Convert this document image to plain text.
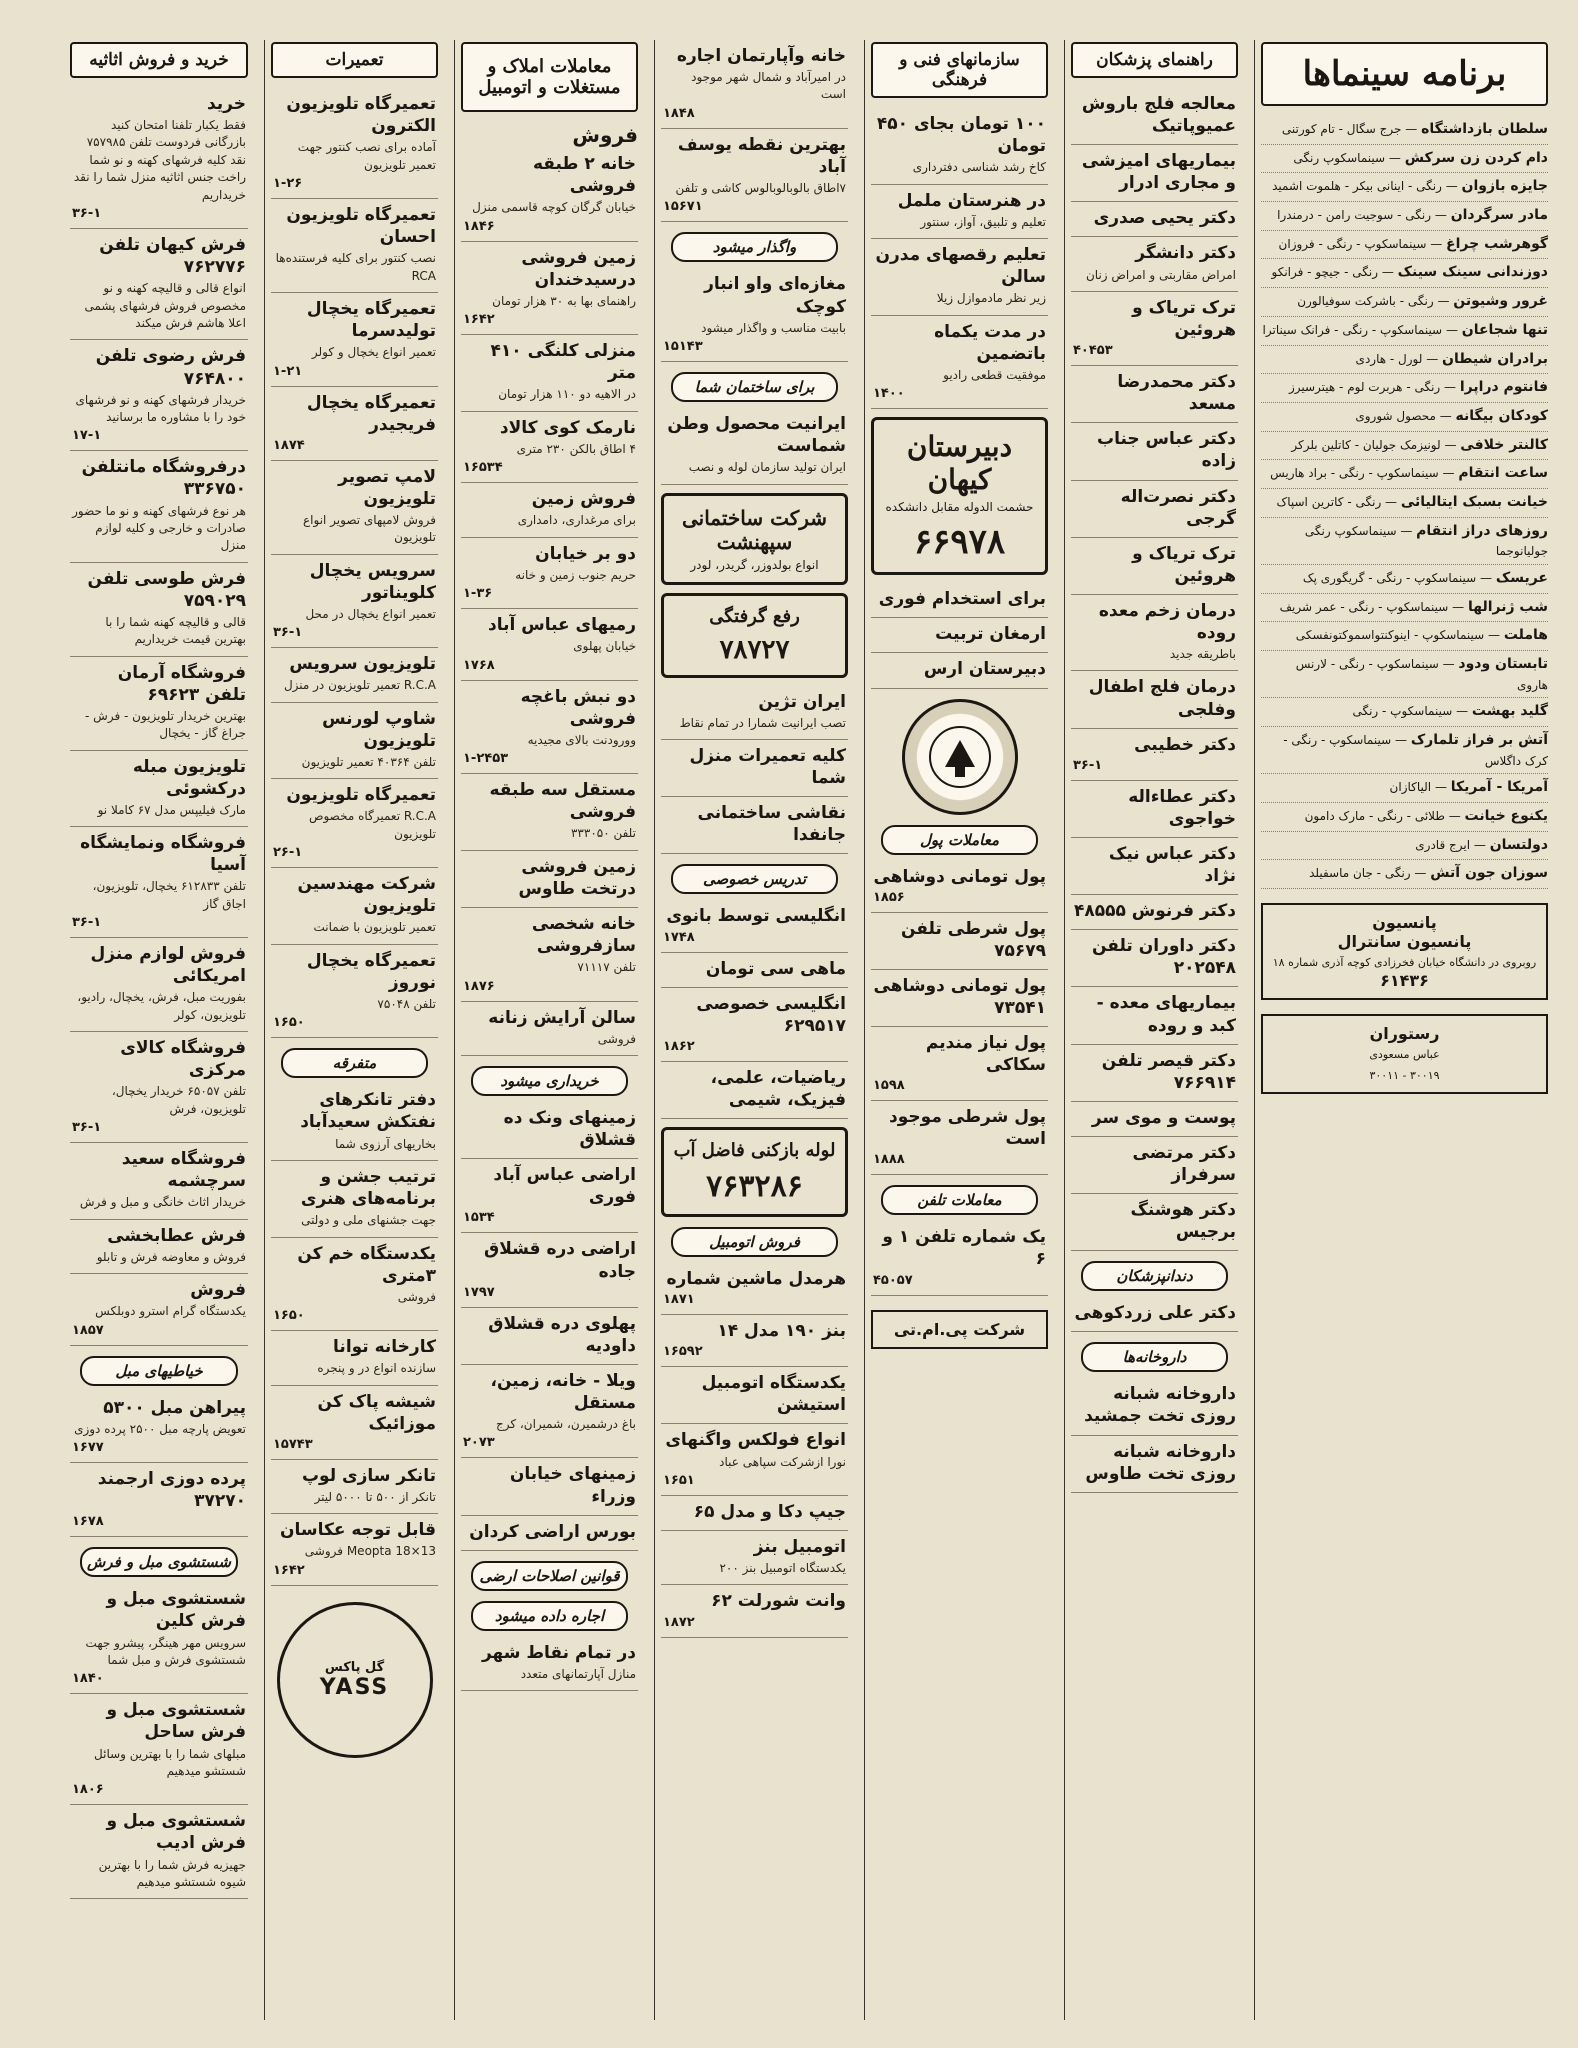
برنامه سینماها
سلطان بازداشتگاه — جرج سگال - تام کورتنی
دام کردن زن سرکش — سینماسکوپ رنگی
جایزه بازوان — رنگی - اینانی بیکر - هلموت اشمید
مادر سرگردان — رنگی - سوجیت رامن - درمندرا
گوهرشب چراغ — سینماسکوپ - رنگی - فروزان
دوزندانی سینک سینک — رنگی - جیچو - فرانکو
غرور وشیوتن — رنگی - باشرکت سوفیالورن
تنها شجاعان — سینماسکوپ - رنگی - فرانک سیناترا
برادران شیطان — لورل - هاردی
فانتوم دراپرا — رنگی - هربرت لوم - هیترسیرز
کودکان بیگانه — محصول شوروی
کالنتر خلافی — لونیزمک جولیان - کاتلین بلرکر
ساعت انتقام — سینماسکوپ - رنگی - براد هاریس
خیانت بسبک ایتالیائی — رنگی - کاترین اسپاک
روزهای دراز انتقام — سینماسکوپ رنگی جولیانوجما
عریسک — سینماسکوپ - رنگی - گریگوری پک
شب ژنرالها — سینماسکوپ - رنگی - عمر شریف
هاملت — سینماسکوپ - اینوکنتواسموکتونفسکی
تابستان ودود — سینماسکوپ - رنگی - لارنس هاروی
گلید بهشت — سینماسکوپ - رنگی
آتش بر فراز تلمارک — سینماسکوپ - رنگی - کرک داگلاس
آمریکا - آمریکا — الیاکازان
یکنوع خیانت — طلائی - رنگی - مارک دامون
دولتسان — ایرج قادری
سوزان جون آتش — رنگی - جان ماسفیلد
پانسیون
پانسیون سانترال
روبروی در دانشگاه خیابان فخرزادی کوچه آذری شماره ۱۸
۶۱۴۳۶
رستوران
عباس مسعودی
۳۰۰۱۹ - ۳۰۰۱۱
راهنمای پزشکان
معالجه فلج باروش عمیوپاتیک
بیماریهای امیزشی و مجاری ادرار
دکتر یحیی صدری
دکتر دانشگر
امراض مقاربتی و امراض زنان
ترک تریاک و هروئین
۴۰۴۵۳
دکتر محمدرضا مسعد
دکتر عباس جناب زاده
دکتر نصرت‌اله گرجی
ترک تریاک و هروئین
درمان زخم معده روده
باطریقه جدید
درمان فلج اطفال وفلجی
دکتر خطیبی
۳۶-۱
دکتر عطاءاله خواجوی
دکتر عباس نیک نژاد
دکتر فرنوش ۴۸۵۵۵
دکتر داوران تلفن ۲۰۲۵۴۸
بیماریهای معده - کبد و روده
دکتر قیصر تلفن ۷۶۶۹۱۴
پوست و موی سر
دکتر مرتضی سرفراز
دکتر هوشنگ برجیس
دندانپزشکان
دکتر علی زردکوهی
داروخانه‌ها
داروخانه شبانه روزی تخت جمشید
داروخانه شبانه روزی تخت طاوس
سازمانهای فنی و فرهنگی
۱۰۰ تومان بجای ۴۵۰ تومان
کاخ رشد شناسی دفترداری
در هنرستان ململ
تعلیم و تلبیق، آواز، سنتور
تعلیم رقصهای مدرن سالن
زیر نظر مادموازل زیلا
در مدت یکماه باتضمین
موفقیت قطعی رادیو
۱۴۰۰
دبیرستان کیهان
حشمت الدوله مقابل دانشکده
۶۶۹۷۸
برای استخدام فوری
ارمغان تربیت
دبیرستان ارس
معاملات پول
پول تومانی دوشاهی
۱۸۵۶
پول شرطی تلفن ۷۵۶۷۹
پول تومانی دوشاهی ۷۳۵۴۱
پول نیاز مندیم سکاکی
۱۵۹۸
پول شرطی موجود است
۱۸۸۸
معاملات تلفن
یک شماره تلفن ۱ و ۶
۴۵۰۵۷
شرکت پی.ام.تی
خانه وآپارتمان اجاره
در امیرآباد و شمال شهر موجود است
۱۸۴۸
بهترین نقطه یوسف آباد
۷اطاق بالوبالوبالوس کاشی و تلفن
۱۵۶۷۱
واگذار میشود
مغازه‌ای واو انبار کوچک
بابیت مناسب و واگذار میشود
۱۵۱۴۳
برای ساختمان شما
ایرانیت محصول وطن شماست
ایران تولید سازمان لوله و نصب
شرکت ساختمانی سپهنشت
انواع بولدوزر، گریدر، لودر
رفع گرفتگی
۷۸۷۲۷
ایران تژین
تصب ایرانیت شمارا در تمام نقاط
کلیه تعمیرات منزل شما
نقاشی ساختمانی جانفدا
تدریس خصوصی
انگلیسی توسط بانوی
۱۷۴۸
ماهی سی تومان
انگلیسی خصوصی ۶۲۹۵۱۷
۱۸۶۲
ریاضیات، علمی، فیزیک، شیمی
لوله بازکنی فاضل آب
۷۶۳۲۸۶
فروش اتومبیل
هرمدل ماشین شماره
۱۸۷۱
بنز ۱۹۰ مدل ۱۴
۱۶۵۹۲
یکدستگاه اتومبیل استیشن
انواع فولکس واگنهای
نورا ازشرکت سپاهی عباد
۱۶۵۱
جیپ دکا و مدل ۶۵
اتومبیل بنز
یکدستگاه اتومبیل بنز ۲۰۰
وانت شورلت ۶۲
۱۸۷۲
معاملات املاک و مستغلات و اتومبیل
فروش
خانه ۲ طبقه فروشی
خیابان گرگان کوچه قاسمی منزل
۱۸۴۶
زمین فروشی درسیدخندان
راهنمای بها به ۳۰ هزار تومان
۱۶۴۲
منزلی کلنگی ۴۱۰ متر
در الاهیه دو ۱۱۰ هزار تومان
نارمک کوی کالاد
۴ اطاق بالکن ۲۳۰ متری
۱۶۵۳۴
فروش زمین
برای مرغداری، دامداری
دو بر خیابان
حریم جنوب زمین و خانه
۱-۳۶
رمیهای عباس آباد
خیابان پهلوی
۱۷۶۸
دو نبش باغچه فروشی
وورودنت بالای مجیدیه
۱-۲۴۵۳
مستقل سه طبقه فروشی
تلفن ۳۳۳۰۵۰
زمین فروشی درتخت طاوس
خانه شخصی سازفروشی
تلفن ۷۱۱۱۷
۱۸۷۶
سالن آرایش زنانه
فروشی
خریداری میشود
زمینهای ونک ده قشلاق
اراضی عباس آباد فوری
۱۵۳۴
اراضی دره قشلاق جاده
۱۷۹۷
پهلوی دره قشلاق داودیه
ویلا - خانه، زمین، مستقل
باغ درشمیرن، شمیران، کرج
۲۰۷۳
زمینهای خیابان وزراء
بورس اراضی کردان
قوانین اصلاحات ارضی
اجاره داده میشود
در تمام نقاط شهر
منازل آپارتمانهای متعدد
تعمیرات
تعمیرگاه تلویزیون الکترون
آماده برای نصب کنتور جهت تعمیر تلویزیون
۱-۲۶
تعمیرگاه تلویزیون احسان
نصب کنتور برای کلیه فرستنده‌ها RCA
تعمیرگاه یخچال تولیدسرما
تعمیر انواع یخچال و کولر
۱-۲۱
تعمیرگاه یخچال فریجیدر
۱۸۷۴
لامپ تصویر تلویزیون
فروش لامپهای تصویر انواع تلویزیون
سرویس یخچال کلویناتور
تعمیر انواع یخچال در محل
۳۶-۱
تلویزیون سرویس
R.C.A تعمیر تلویزیون در منزل
شاوپ لورنس تلویزیون
تلفن ۴۰۳۶۴ تعمیر تلویزیون
تعمیرگاه تلویزیون
R.C.A تعمیرگاه مخصوص تلویزیون
۲۶-۱
شرکت مهندسین تلویزیون
تعمیر تلویزیون با ضمانت
تعمیرگاه یخچال نوروز
تلفن ۷۵۰۴۸
۱۶۵۰
متفرقه
دفتر تانکرهای نفتکش سعیدآباد
بخاریهای آرزوی شما
ترتیب جشن و برنامه‌های هنری
جهت جشنهای ملی و دولتی
یکدستگاه خم کن ۳متری
فروشی
۱۶۵۰
کارخانه توانا
سازنده انواع در و پنجره
شیشه پاک کن موزائیک
۱۵۷۴۳
تانکر سازی لوپ
تانکر از ۵۰۰ تا ۵۰۰۰ لیتر
قابل توجه عکاسان
Meopta 18×13 فروشی
۱۶۴۲
گل پاکس
YASS
خرید و فروش اثاثیه
خرید
فقط یکبار تلفنا امتحان کنید بازرگانی فردوست تلفن ۷۵۷۹۸۵ نقد کلیه فرشهای کهنه و نو شما راخت جنس اثاثیه منزل شما را نقد خریداریم
۳۶-۱
فرش کیهان تلفن ۷۶۲۷۷۶
انواع قالی و قالیچه کهنه و نو مخصوص فروش فرشهای پشمی اعلا هاشم فرش میکند
فرش رضوی تلفن ۷۶۴۸۰۰
خریدار فرشهای کهنه و نو فرشهای خود را با مشاوره ما برسانید
۱۷-۱
درفروشگاه مانتلفن ۳۳۶۷۵۰
هر نوع فرشهای کهنه و نو ما حضور صادرات و خارجی و کلیه لوازم منزل
فرش طوسی تلفن ۷۵۹۰۲۹
قالی و قالیچه کهنه شما را با بهترین قیمت خریداریم
فروشگاه آرمان تلفن ۶۹۶۲۳
بهترین خریدار تلویزیون - فرش - جراغ گاز - یخچال
تلویزیون مبله درکشوئی
مارک فیلیپس مدل ۶۷ کاملا نو
فروشگاه ونمایشگاه آسیا
تلفن ۶۱۲۸۳۳ یخچال، تلویزیون، اجاق گاز
۳۶-۱
فروش لوازم منزل امریکائی
بفوریت مبل، فرش، یخچال، رادیو، تلویزیون، کولر
فروشگاه کالای مرکزی
تلفن ۶۵۰۵۷ خریدار یخچال، تلویزیون، فرش
۳۶-۱
فروشگاه سعید سرچشمه
خریدار اثاث خانگی و مبل و فرش
فرش عطابخشی
فروش و معاوضه فرش و تابلو
فروش
یکدستگاه گرام استرو دوبلکس
۱۸۵۷
خیاطیهای مبل
پیراهن مبل ۵۳۰۰
تعویض پارچه مبل ۲۵۰۰ پرده دوزی
۱۶۷۷
پرده دوزی ارجمند ۳۷۲۷۰
۱۶۷۸
شستشوی مبل و فرش
شستشوی مبل و فرش کلین
سرویس مهر هینگر، پیشرو جهت شستشوی فرش و مبل شما
۱۸۴۰
شستشوی مبل و فرش ساحل
مبلهای شما را با بهترین وسائل شستشو میدهیم
۱۸۰۶
شستشوی مبل و فرش ادیب
جهیزیه فرش شما را با بهترین شیوه شستشو میدهیم
